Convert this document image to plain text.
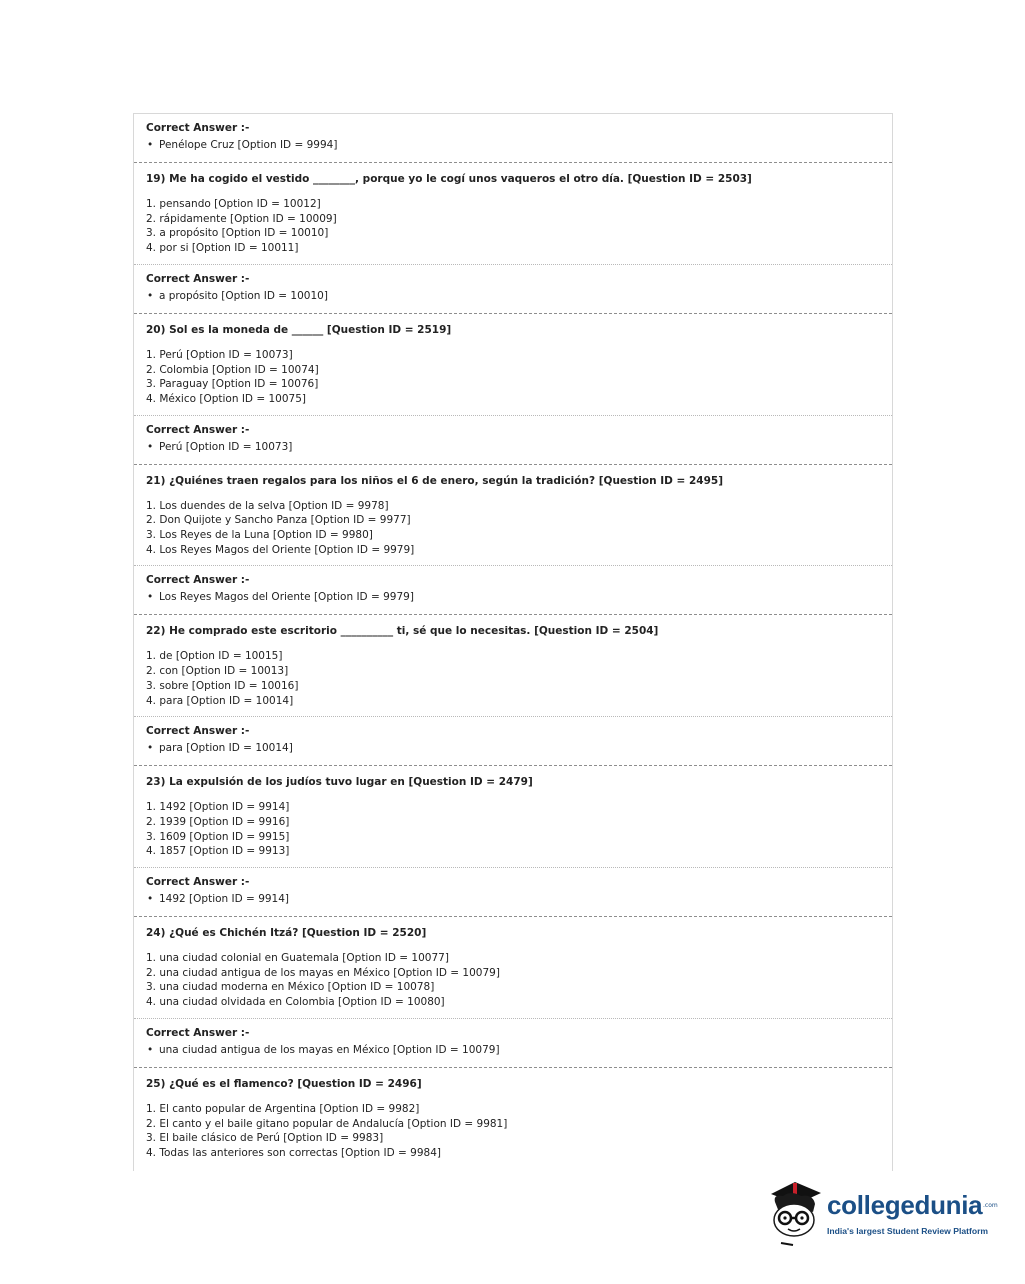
Correct Answer :-
• Penélope Cruz [Option ID = 9994]
19) Me ha cogido el vestido ________, porque yo le cogí unos vaqueros el otro día. [Question ID = 2503]
1. pensando [Option ID = 10012]
2. rápidamente [Option ID = 10009]
3. a propósito [Option ID = 10010]
4. por si [Option ID = 10011]
Correct Answer :-
• a propósito [Option ID = 10010]
20) Sol es la moneda de ______ [Question ID = 2519]
1. Perú [Option ID = 10073]
2. Colombia [Option ID = 10074]
3. Paraguay [Option ID = 10076]
4. México [Option ID = 10075]
Correct Answer :-
• Perú [Option ID = 10073]
21) ¿Quiénes traen regalos para los niños el 6 de enero, según la tradición? [Question ID = 2495]
1. Los duendes de la selva [Option ID = 9978]
2. Don Quijote y Sancho Panza [Option ID = 9977]
3. Los Reyes de la Luna [Option ID = 9980]
4. Los Reyes Magos del Oriente [Option ID = 9979]
Correct Answer :-
• Los Reyes Magos del Oriente [Option ID = 9979]
22) He comprado este escritorio __________ ti, sé que lo necesitas. [Question ID = 2504]
1. de [Option ID = 10015]
2. con [Option ID = 10013]
3. sobre [Option ID = 10016]
4. para [Option ID = 10014]
Correct Answer :-
• para [Option ID = 10014]
23) La expulsión de los judíos tuvo lugar en [Question ID = 2479]
1. 1492 [Option ID = 9914]
2. 1939 [Option ID = 9916]
3. 1609 [Option ID = 9915]
4. 1857 [Option ID = 9913]
Correct Answer :-
• 1492 [Option ID = 9914]
24) ¿Qué es Chichén Itzá? [Question ID = 2520]
1. una ciudad colonial en Guatemala [Option ID = 10077]
2. una ciudad antigua de los mayas en México [Option ID = 10079]
3. una ciudad moderna en México [Option ID = 10078]
4. una ciudad olvidada en Colombia [Option ID = 10080]
Correct Answer :-
• una ciudad antigua de los mayas en México [Option ID = 10079]
25) ¿Qué es el flamenco? [Question ID = 2496]
1. El canto popular de Argentina [Option ID = 9982]
2. El canto y el baile gitano popular de Andalucía [Option ID = 9981]
3. El baile clásico de Perú [Option ID = 9983]
4. Todas las anteriores son correctas [Option ID = 9984]
collegedunia .com
India's largest Student Review Platform
